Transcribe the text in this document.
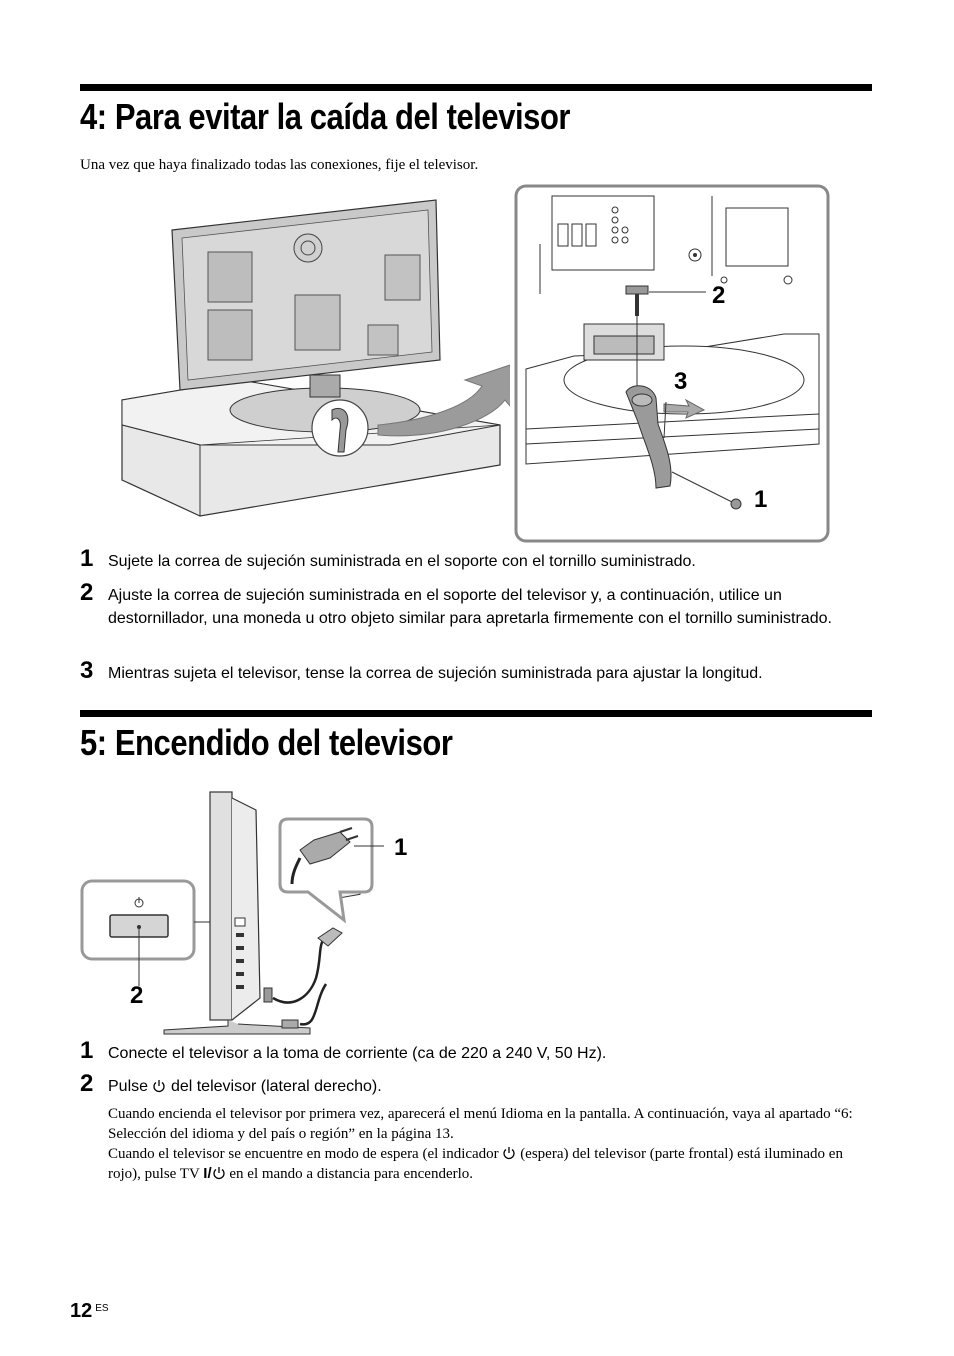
4: Para evitar la caída del televisor
Una vez que haya finalizado todas las conexiones, fije el televisor.
2
3
1
1 Sujete la correa de sujeción suministrada en el soporte con el tornillo suministrado.
2 Ajuste la correa de sujeción suministrada en el soporte del televisor y, a continuación, utilice un destornillador, una moneda u otro objeto similar para apretarla firmemente con el tornillo suministrado.
3 Mientras sujeta el televisor, tense la correa de sujeción suministrada para ajustar la longitud.
5: Encendido del televisor
1
2
1 Conecte el televisor a la toma de corriente (ca de 220 a 240 V, 50 Hz).
2 Pulse del televisor (lateral derecho).
Cuando encienda el televisor por primera vez, aparecerá el menú Idioma en la pantalla. A continuación, vaya al apartado “6: Selección del idioma y del país o región” en la página 13.
Cuando el televisor se encuentre en modo de espera (el indicador (espera) del televisor (parte frontal) está iluminado en rojo), pulse TV I/ en el mando a distancia para encenderlo.
12 $^{ES}$
